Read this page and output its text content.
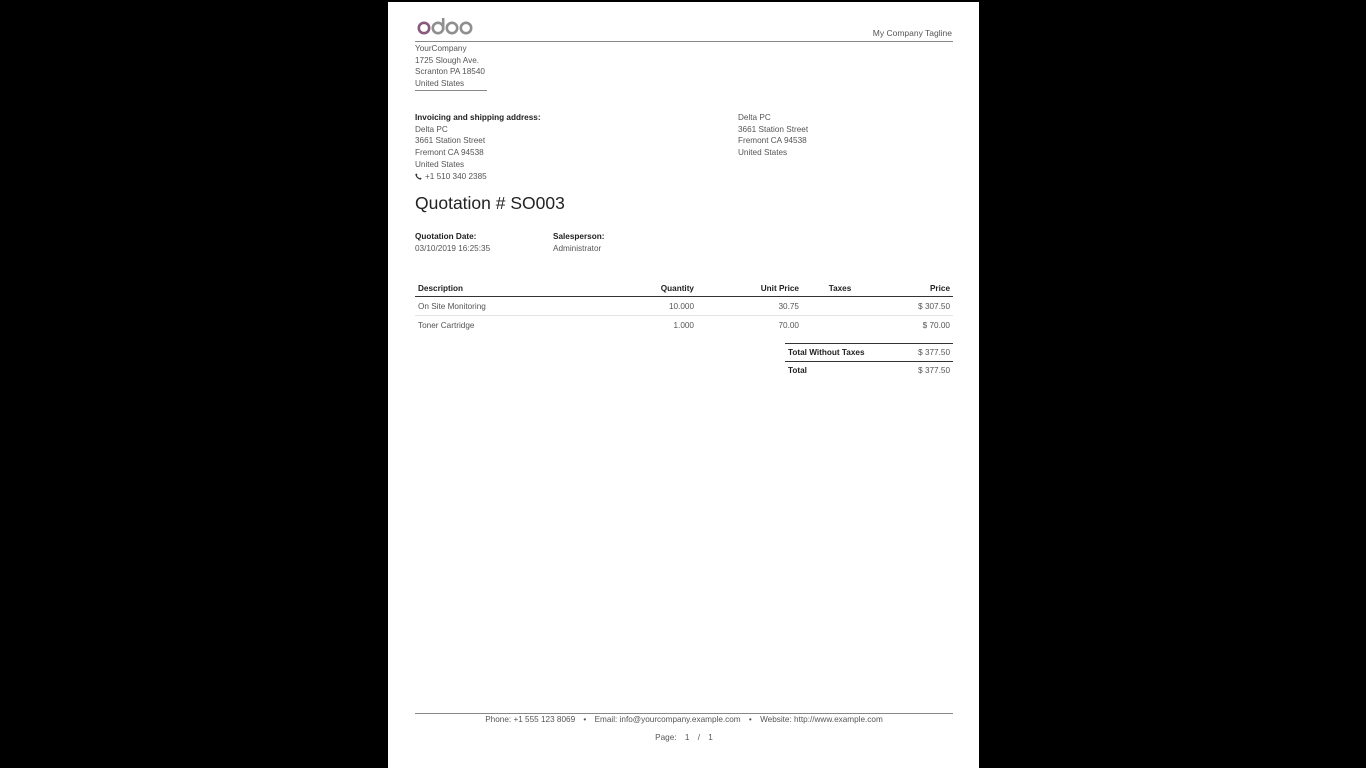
My Company Tagline
YourCompany
1725 Slough Ave.
Scranton PA 18540
United States
Invoicing and shipping address:
Delta PC
3661 Station Street
Fremont CA 94538
United States
+1 510 340 2385
Delta PC
3661 Station Street
Fremont CA 94538
United States
Quotation # SO003
Quotation Date:
03/10/2019 16:25:35
Salesperson:
Administrator
Description	Quantity	Unit Price	Taxes	Price
On Site Monitoring	10.000	30.75		$ 307.50
Toner Cartridge	1.000	70.00		$ 70.00
Total Without Taxes	$ 377.50
Total	$ 377.50
Phone: +1 555 123 8069 • Email: info@yourcompany.example.com • Website: http://www.example.com
Page: 1 / 1
